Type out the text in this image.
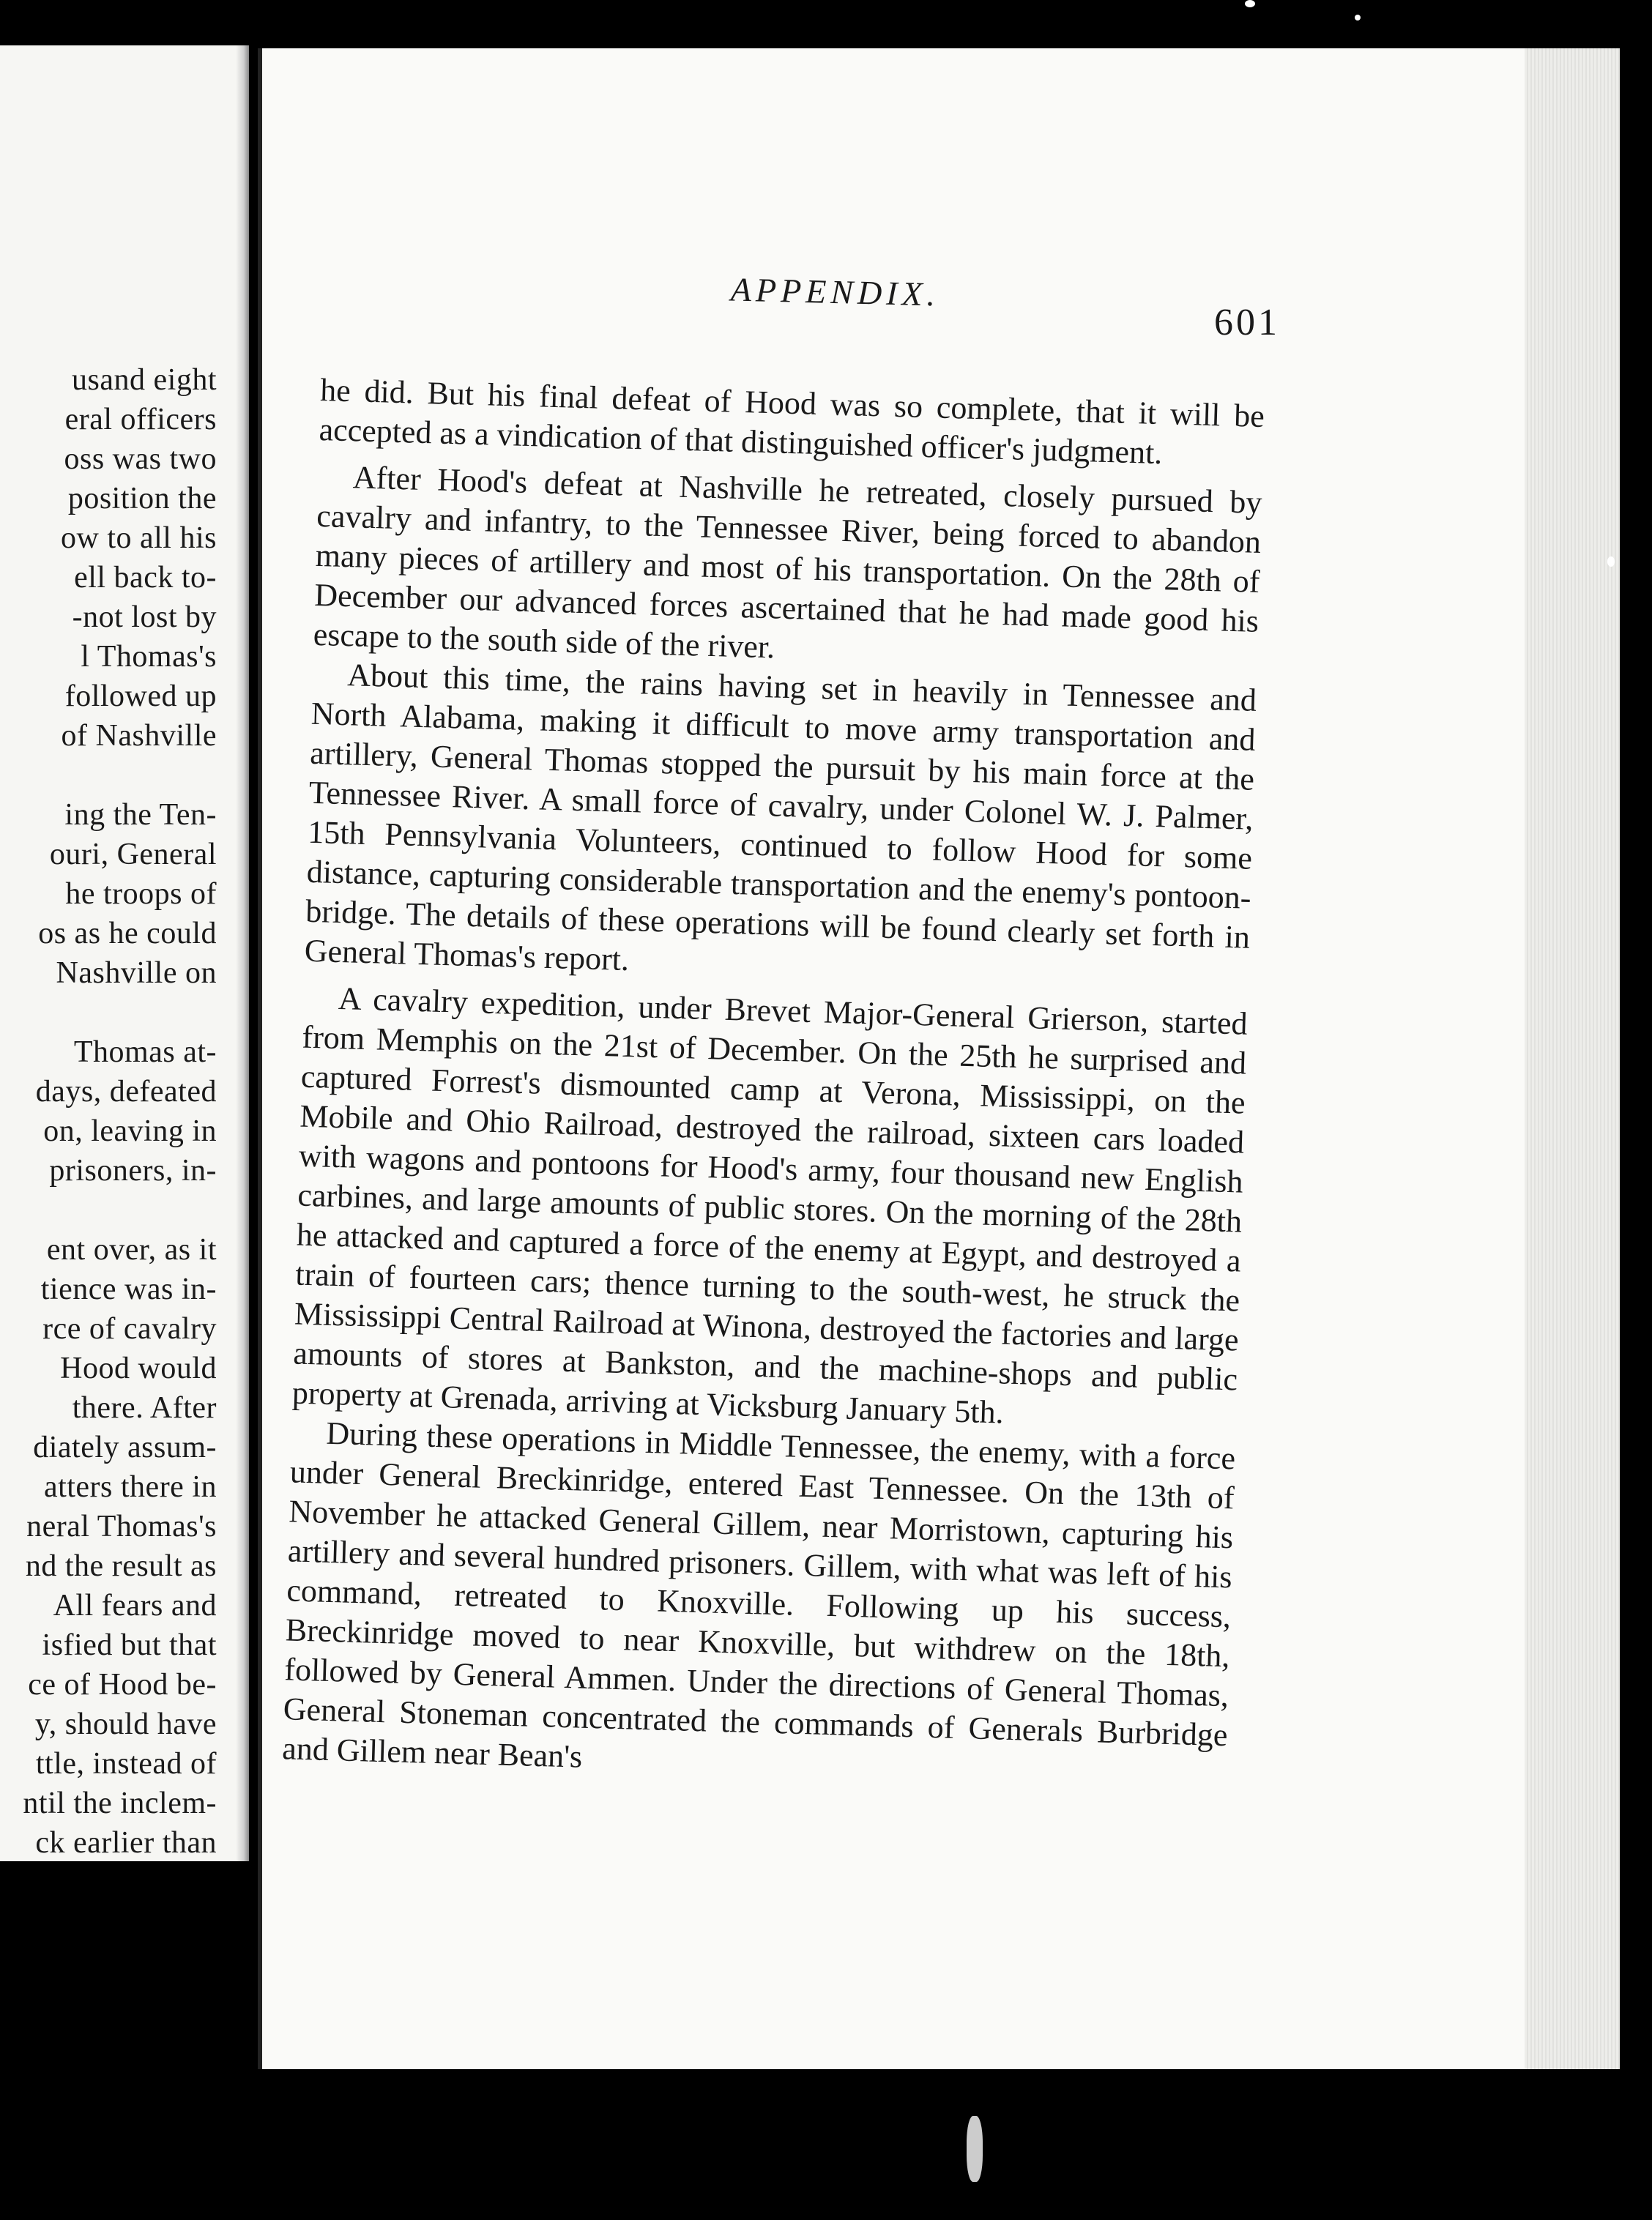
usand eight
eral officers
oss was two
position the
ow to all his
ell back to-
-not lost by
l Thomas's
followed up
of Nashville
ing the Ten-
ouri, General
he troops of
os as he could
Nashville on
Thomas at-
days, defeated
on, leaving in
prisoners, in-
ent over, as it
tience was in-
rce of cavalry
Hood would
there. After
diately assum-
atters there in
neral Thomas's
nd the result as
All fears and
isfied but that
ce of Hood be-
y, should have
ttle, instead of
ntil the inclem-
ck earlier than
APPENDIX.
601

he did. But his final defeat of Hood was so complete, that it will be accepted as a vindication of that distinguished officer's judgment.

After Hood's defeat at Nashville he retreated, closely pursued by cavalry and infantry, to the Tennessee River, being forced to abandon many pieces of artillery and most of his transportation. On the 28th of December our advanced forces ascertained that he had made good his escape to the south side of the river.

About this time, the rains having set in heavily in Tennessee and North Alabama, making it difficult to move army transportation and artillery, General Thomas stopped the pursuit by his main force at the Tennessee River. A small force of cavalry, under Colonel W. J. Palmer, 15th Pennsylvania Volunteers, continued to follow Hood for some distance, capturing considerable transportation and the enemy's pontoon-bridge. The details of these operations will be found clearly set forth in General Thomas's report.

A cavalry expedition, under Brevet Major-General Grierson, started from Memphis on the 21st of December. On the 25th he surprised and captured Forrest's dismounted camp at Verona, Mississippi, on the Mobile and Ohio Railroad, destroyed the railroad, sixteen cars loaded with wagons and pontoons for Hood's army, four thousand new English carbines, and large amounts of public stores. On the morning of the 28th he attacked and captured a force of the enemy at Egypt, and destroyed a train of fourteen cars; thence turning to the south-west, he struck the Mississippi Central Railroad at Winona, destroyed the factories and large amounts of stores at Bankston, and the machine-shops and public property at Grenada, arriving at Vicksburg January 5th.

During these operations in Middle Tennessee, the enemy, with a force under General Breckinridge, entered East Tennessee. On the 13th of November he attacked General Gillem, near Morristown, capturing his artillery and several hundred prisoners. Gillem, with what was left of his command, retreated to Knoxville. Following up his success, Breckinridge moved to near Knoxville, but withdrew on the 18th, followed by General Ammen. Under the directions of General Thomas, General Stoneman concentrated the commands of Generals Burbridge and Gillem near Bean's
